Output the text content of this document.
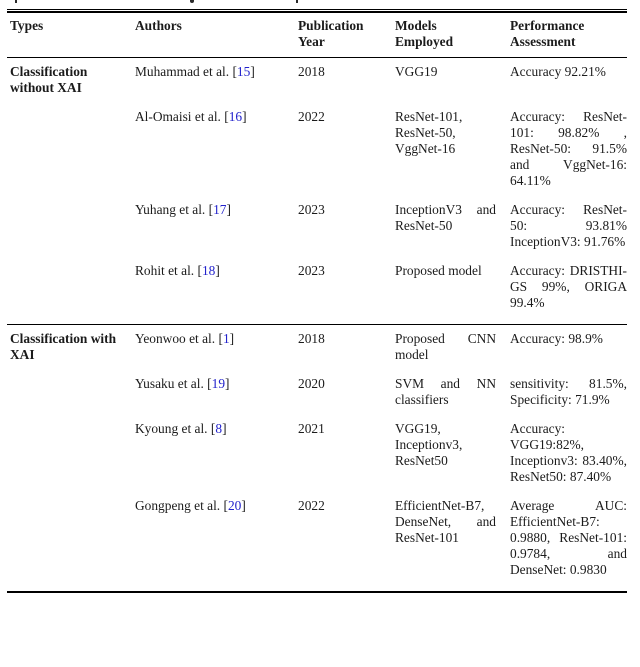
Types	Authors	Publication Year	Models Employed	Performance Assessment
Classification without XAI	Muhammad et al. [15]	2018	VGG19	Accuracy 92.21%
	Al-Omaisi et al. [16]	2022	ResNet-101, ResNet-50, VggNet-16	Accuracy: ResNet-101: 98.82% , ResNet-50: 91.5% and VggNet-16: 64.11%
	Yuhang et al. [17]	2023	InceptionV3 and ResNet-50	Accuracy: ResNet-50: 93.81% InceptionV3: 91.76%
	Rohit et al. [18]	2023	Proposed model	Accuracy: DRISTHI-GS 99%, ORIGA 99.4%
Classification with XAI	Yeonwoo et al. [1]	2018	Proposed CNN model	Accuracy: 98.9%
	Yusaku et al. [19]	2020	SVM and NN classifiers	sensitivity: 81.5%, Specificity: 71.9%
	Kyoung et al. [8]	2021	VGG19, Inceptionv3, ResNet50	Accuracy: VGG19:82%, Inceptionv3: 83.40%, ResNet50: 87.40%
	Gongpeng et al. [20]	2022	EfficientNet-B7, DenseNet, and ResNet-101	Average AUC: EfficientNet-B7: 0.9880, ResNet-101: 0.9784, and DenseNet: 0.9830
